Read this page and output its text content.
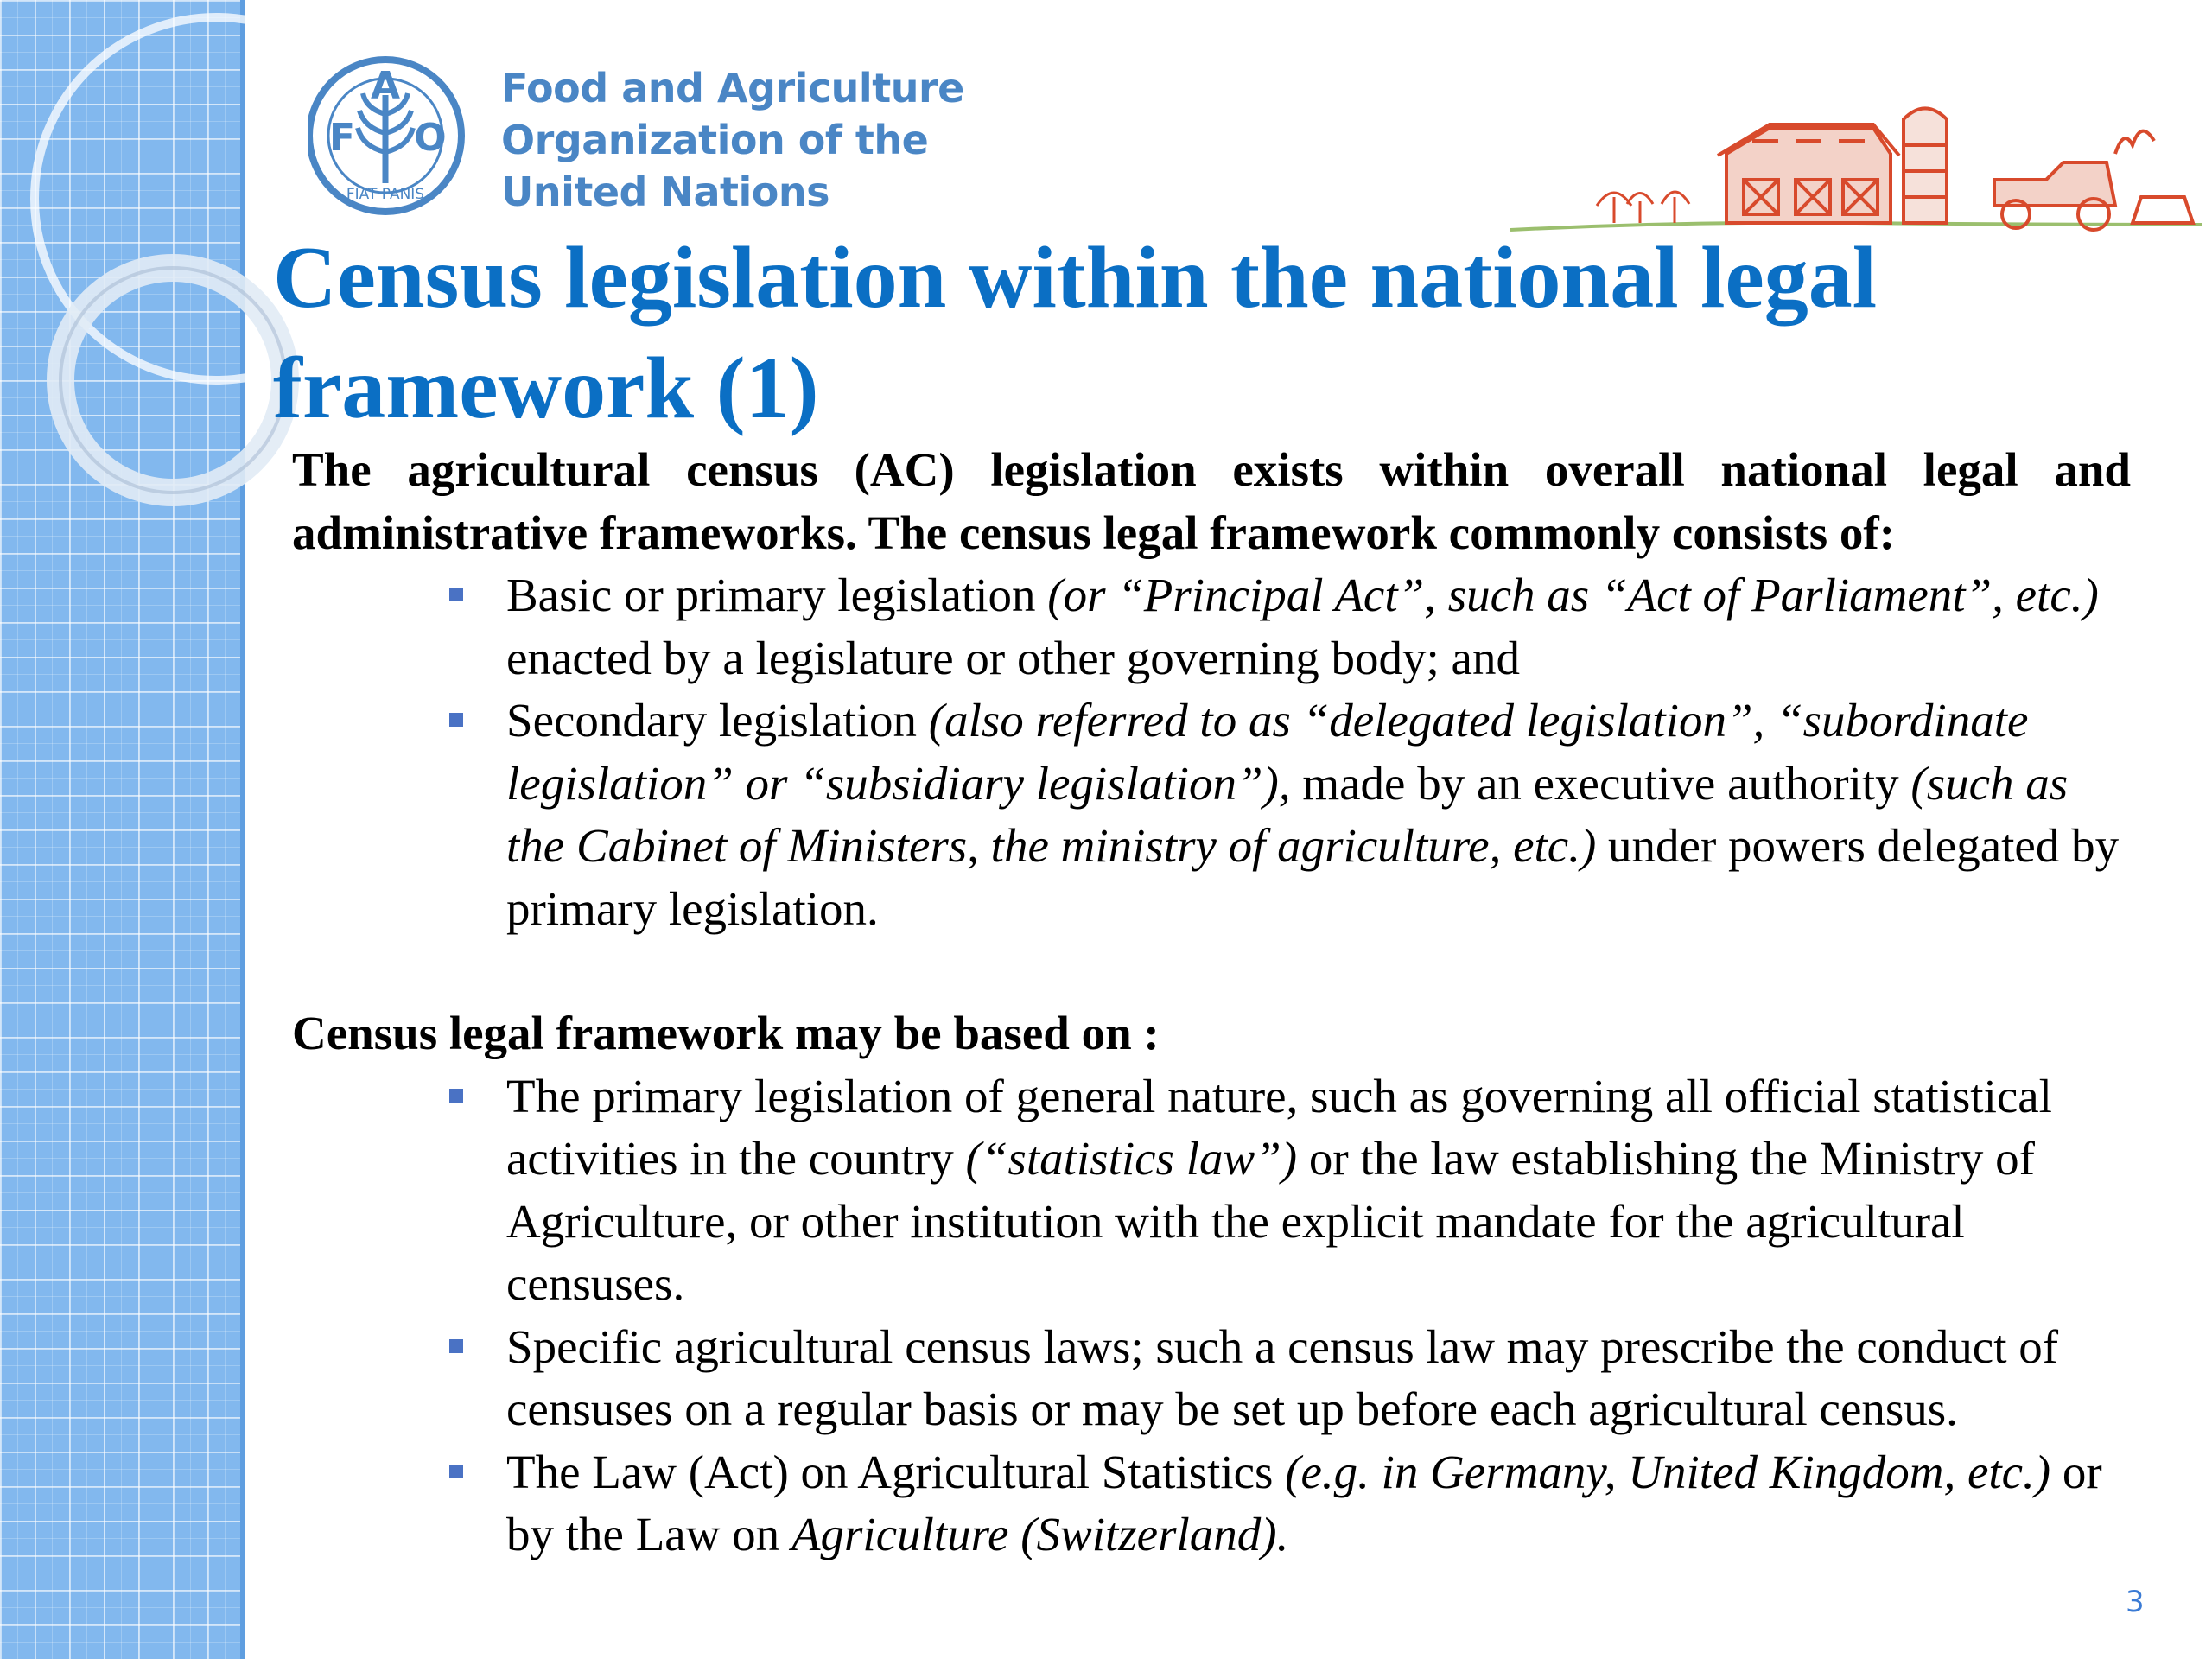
A
F O
FIAT PANIS
Food and Agriculture
Organization of the
United Nations
Census legislation within the national legal framework (1)

The agricultural census (AC) legislation exists within overall national legal and administrative frameworks. The census legal framework commonly consists of:

Basic or primary legislation (or “Principal Act”, such as “Act of Parliament”, etc.) enacted by a legislature or other governing body; and
Secondary legislation (also referred to as “delegated legislation”, “subordinate legislation” or “subsidiary legislation”), made by an executive authority (such as the Cabinet of Ministers, the ministry of agriculture, etc.) under powers delegated by primary legislation.

Census legal framework may be based on :

The primary legislation of general nature, such as governing all official statistical activities in the country (“statistics law”) or the law establishing the Ministry of Agriculture, or other institution with the explicit mandate for the agricultural censuses.
Specific agricultural census laws; such a census law may prescribe the conduct of censuses on a regular basis or may be set up before each agricultural census.
The Law (Act) on Agricultural Statistics (e.g. in Germany, United Kingdom, etc.) or by the Law on Agriculture (Switzerland).
3
